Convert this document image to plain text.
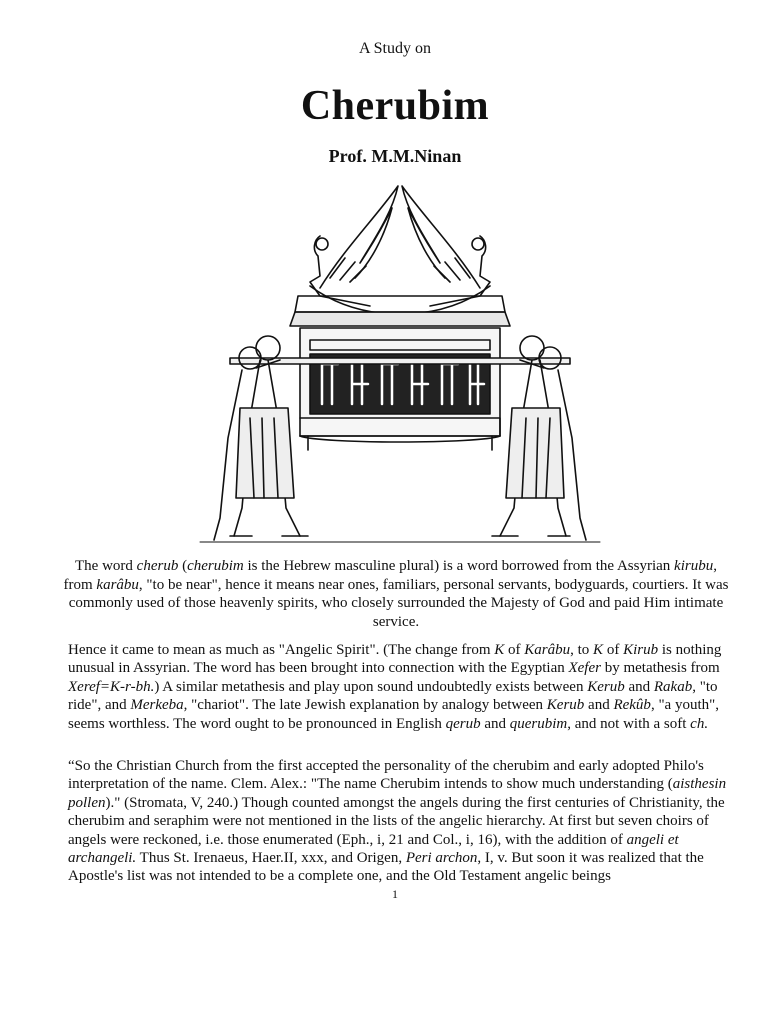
A Study on
Cherubim
Prof. M.M.Ninan
The word cherub (cherubim is the Hebrew masculine plural) is a word borrowed from the Assyrian kirubu, from karâbu, "to be near", hence it means near ones, familiars, personal servants, bodyguards, courtiers. It was commonly used of those heavenly spirits, who closely surrounded the Majesty of God and paid Him intimate service.

Hence it came to mean as much as "Angelic Spirit". (The change from K of Karâbu, to K of Kirub is nothing unusual in Assyrian. The word has been brought into connection with the Egyptian Xefer by metathesis from Xeref=K-r-bh.) A similar metathesis and play upon sound undoubtedly exists between Kerub and Rakab, "to ride", and Merkeba, "chariot". The late Jewish explanation by analogy between Kerub and Rekûb, "a youth", seems worthless. The word ought to be pronounced in English qerub and querubim, and not with a soft ch.

“So the Christian Church from the first accepted the personality of the cherubim and early adopted Philo's interpretation of the name. Clem. Alex.: "The name Cherubim intends to show much understanding (aisthesin pollen)." (Stromata, V, 240.) Though counted amongst the angels during the first centuries of Christianity, the cherubim and seraphim were not mentioned in the lists of the angelic hierarchy. At first but seven choirs of angels were reckoned, i.e. those enumerated (Eph., i, 21 and Col., i, 16), with the addition of angeli et archangeli. Thus St. Irenaeus, Haer.II, xxx, and Origen, Peri archon, I, v. But soon it was realized that the Apostle's list was not intended to be a complete one, and the Old Testament angelic beings

1
